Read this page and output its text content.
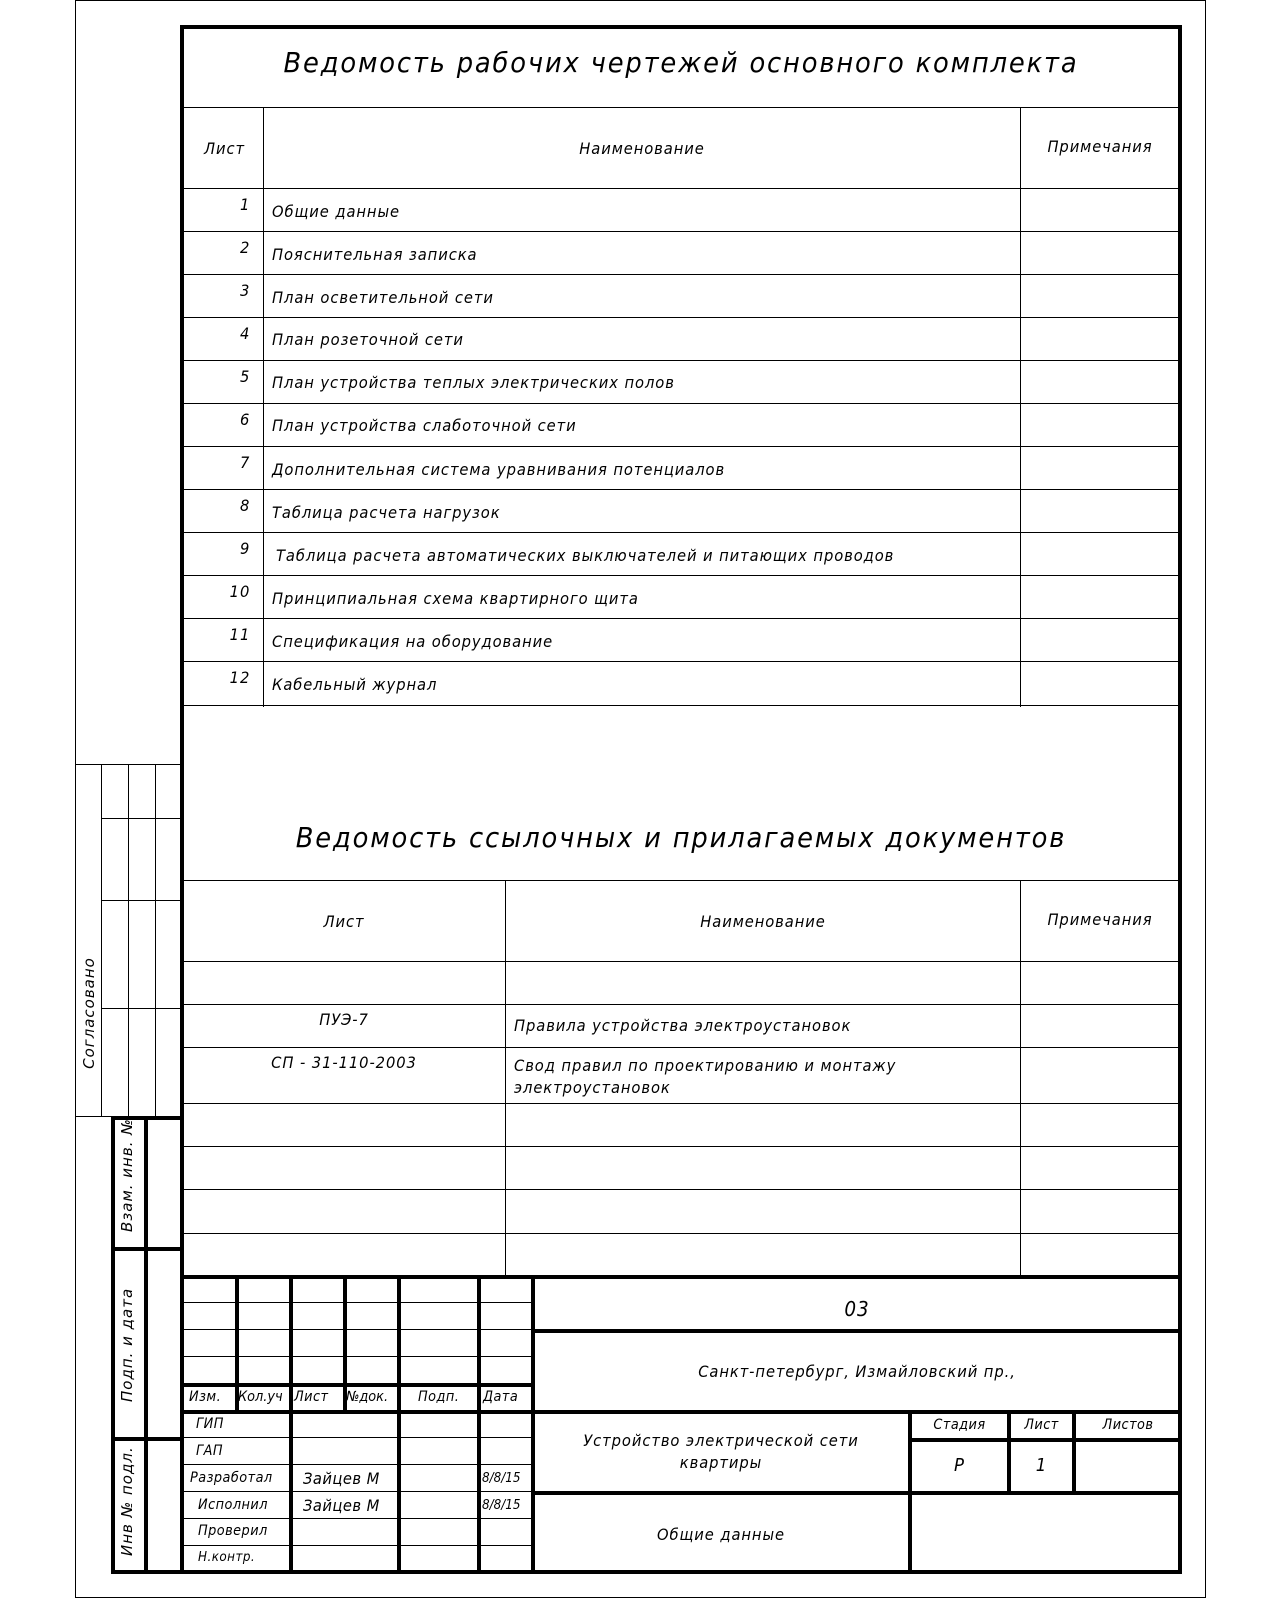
Ведомость рабочих чертежей основного комплекта
Лист	Наименование	Примечания
1 Общие данные
2 Пояснительная записка
3 План осветительной сети
4 План розеточной сети
5 План устройства теплых электрических полов
6 План устройства слаботочной сети
7 Дополнительная система уравнивания потенциалов
8 Таблица расчета нагрузок
9 Таблица расчета автоматических выключателей и питающих проводов
10 Принципиальная схема квартирного щита
11 Спецификация на оборудование
12 Кабельный журнал
Ведомость ссылочных и прилагаемых документов
Лист	Наименование	Примечания
ПУЭ-7	Правила устройства электроустановок
СП - 31-110-2003	Свод правил по проектированию и монтажу
электроустановок
Согласовано
Взам. инв. №
Подп. и дата
Инв № подл.
Изм. Кол.уч Лист №док. Подп. Дата
ГИП
ГАП
Разработал Зайцев М	8/8/15
Исполнил Зайцев М	8/8/15
Проверил
Н.контр.
03
Санкт-петербург, Измайловский пр.,
Устройство электрической сети
квартиры
Стадия	Лист	Листов
Р	1
Общие данные
